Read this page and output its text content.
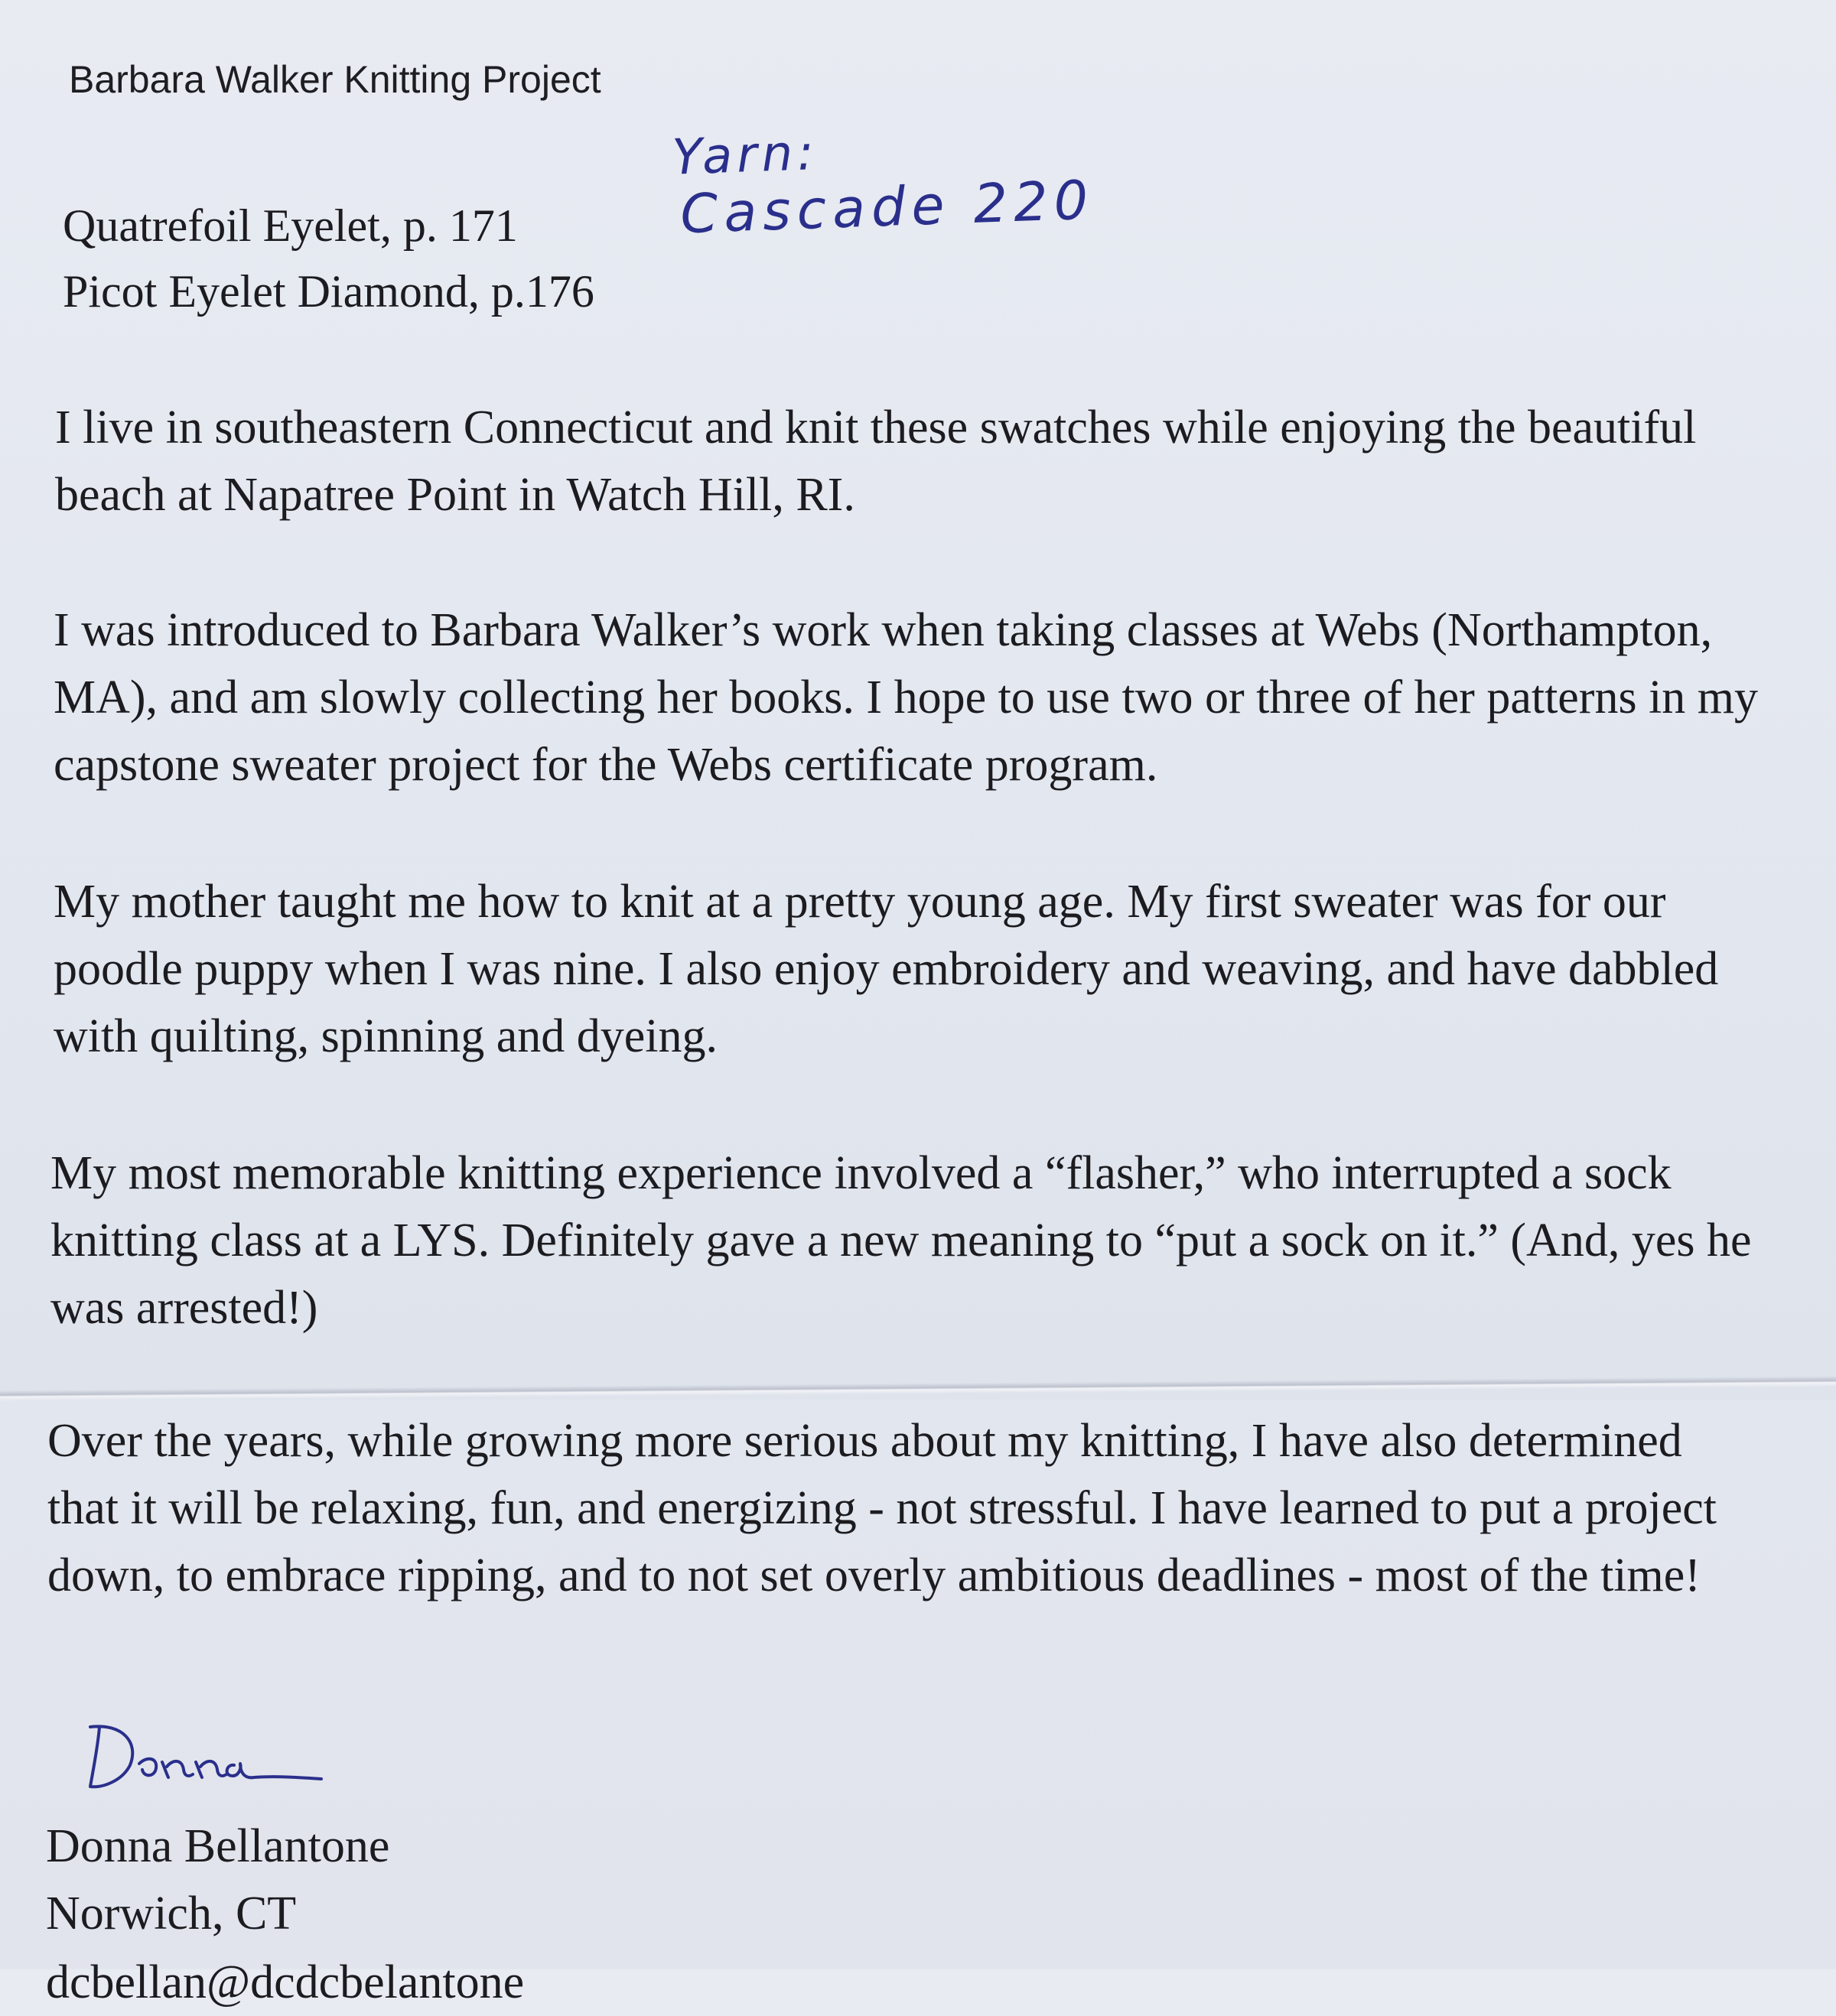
Barbara Walker Knitting Project

Quatrefoil Eyelet, p. 171
Picot Eyelet Diamond, p.176
Yarn:
Cascade 220

I live in southeastern Connecticut and knit these swatches while enjoying the beautiful
beach at Napatree Point in Watch Hill, RI.

I was introduced to Barbara Walker’s work when taking classes at Webs (Northampton,
MA), and am slowly collecting her books. I hope to use two or three of her patterns in my
capstone sweater project for the Webs certificate program.

My mother taught me how to knit at a pretty young age. My first sweater was for our
poodle puppy when I was nine. I also enjoy embroidery and weaving, and have dabbled
with quilting, spinning and dyeing.

My most memorable knitting experience involved a “flasher,” who interrupted a sock
knitting class at a LYS. Definitely gave a new meaning to “put a sock on it.” (And, yes he
was arrested!)

Over the years, while growing more serious about my knitting, I have also determined
that it will be relaxing, fun, and energizing - not stressful. I have learned to put a project
down, to embrace ripping, and to not set overly ambitious deadlines - most of the time!

Donna Bellantone
Norwich, CT
dcbellan@dcdcbelantone
